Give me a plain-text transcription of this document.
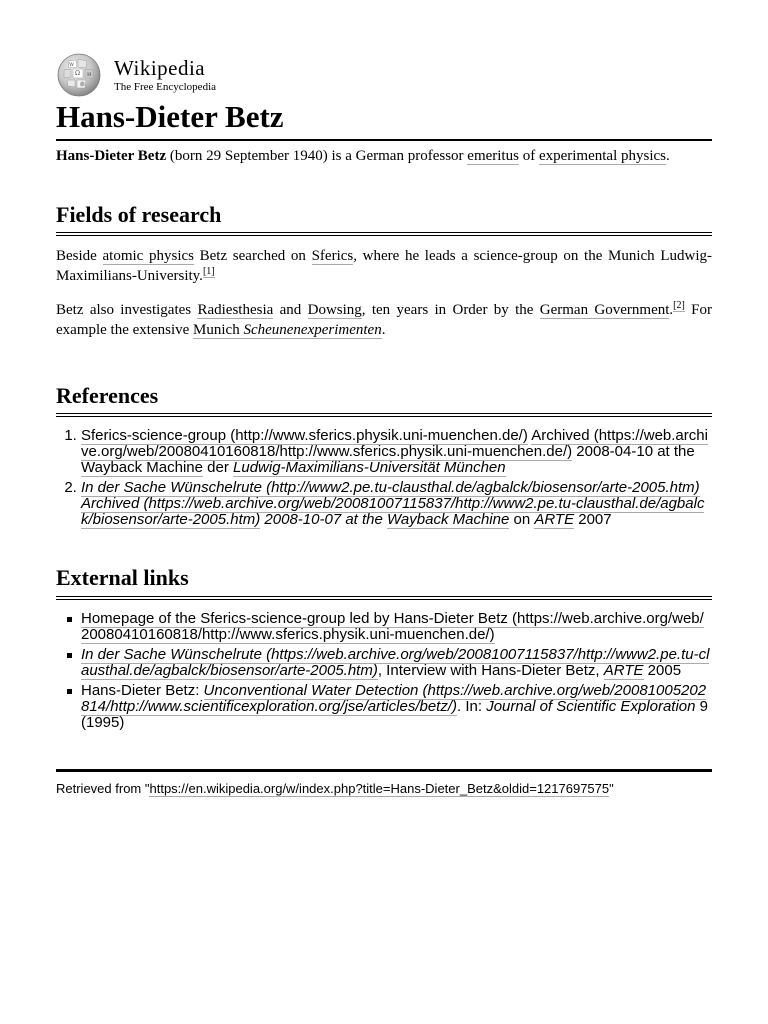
Ω И
W
維
Wikipedia
The Free Encyclopedia
Hans-Dieter Betz

Hans-Dieter Betz (born 29 September 1940) is a German professor emeritus of experimental physics.

Fields of research

Beside atomic physics Betz searched on Sferics, where he leads a science-group on the Munich Ludwig-Maximilians-University.[1]

Betz also investigates Radiesthesia and Dowsing, ten years in Order by the German Government.[2] For example the extensive Munich Scheunenexperimenten.

References
1. Sferics-science-group (http://www.sferics.physik.uni-muenchen.de/) Archived (https://web.archive.org/web/20080410160818/http://www.sferics.physik.uni-muenchen.de/) 2008-04-10 at the Wayback Machine der Ludwig-Maximilians-Universität München
2. In der Sache Wünschelrute (http://www2.pe.tu-clausthal.de/agbalck/biosensor/arte-2005.htm) Archived (https://web.archive.org/web/20081007115837/http://www2.pe.tu-clausthal.de/agbalck/biosensor/arte-2005.htm) 2008-10-07 at the Wayback Machine on ARTE 2007
External links
Homepage of the Sferics-science-group led by Hans-Dieter Betz (https://web.archive.org/web/20080410160818/http://www.sferics.physik.uni-muenchen.de/)
In der Sache Wünschelrute (https://web.archive.org/web/20081007115837/http://www2.pe.tu-clausthal.de/agbalck/biosensor/arte-2005.htm), Interview with Hans-Dieter Betz, ARTE 2005
Hans-Dieter Betz: Unconventional Water Detection (https://web.archive.org/web/20081005202814/http://www.scientificexploration.org/jse/articles/betz/). In: Journal of Scientific Exploration 9 (1995)
Retrieved from "https://en.wikipedia.org/w/index.php?title=Hans-Dieter_Betz&oldid=1217697575"
